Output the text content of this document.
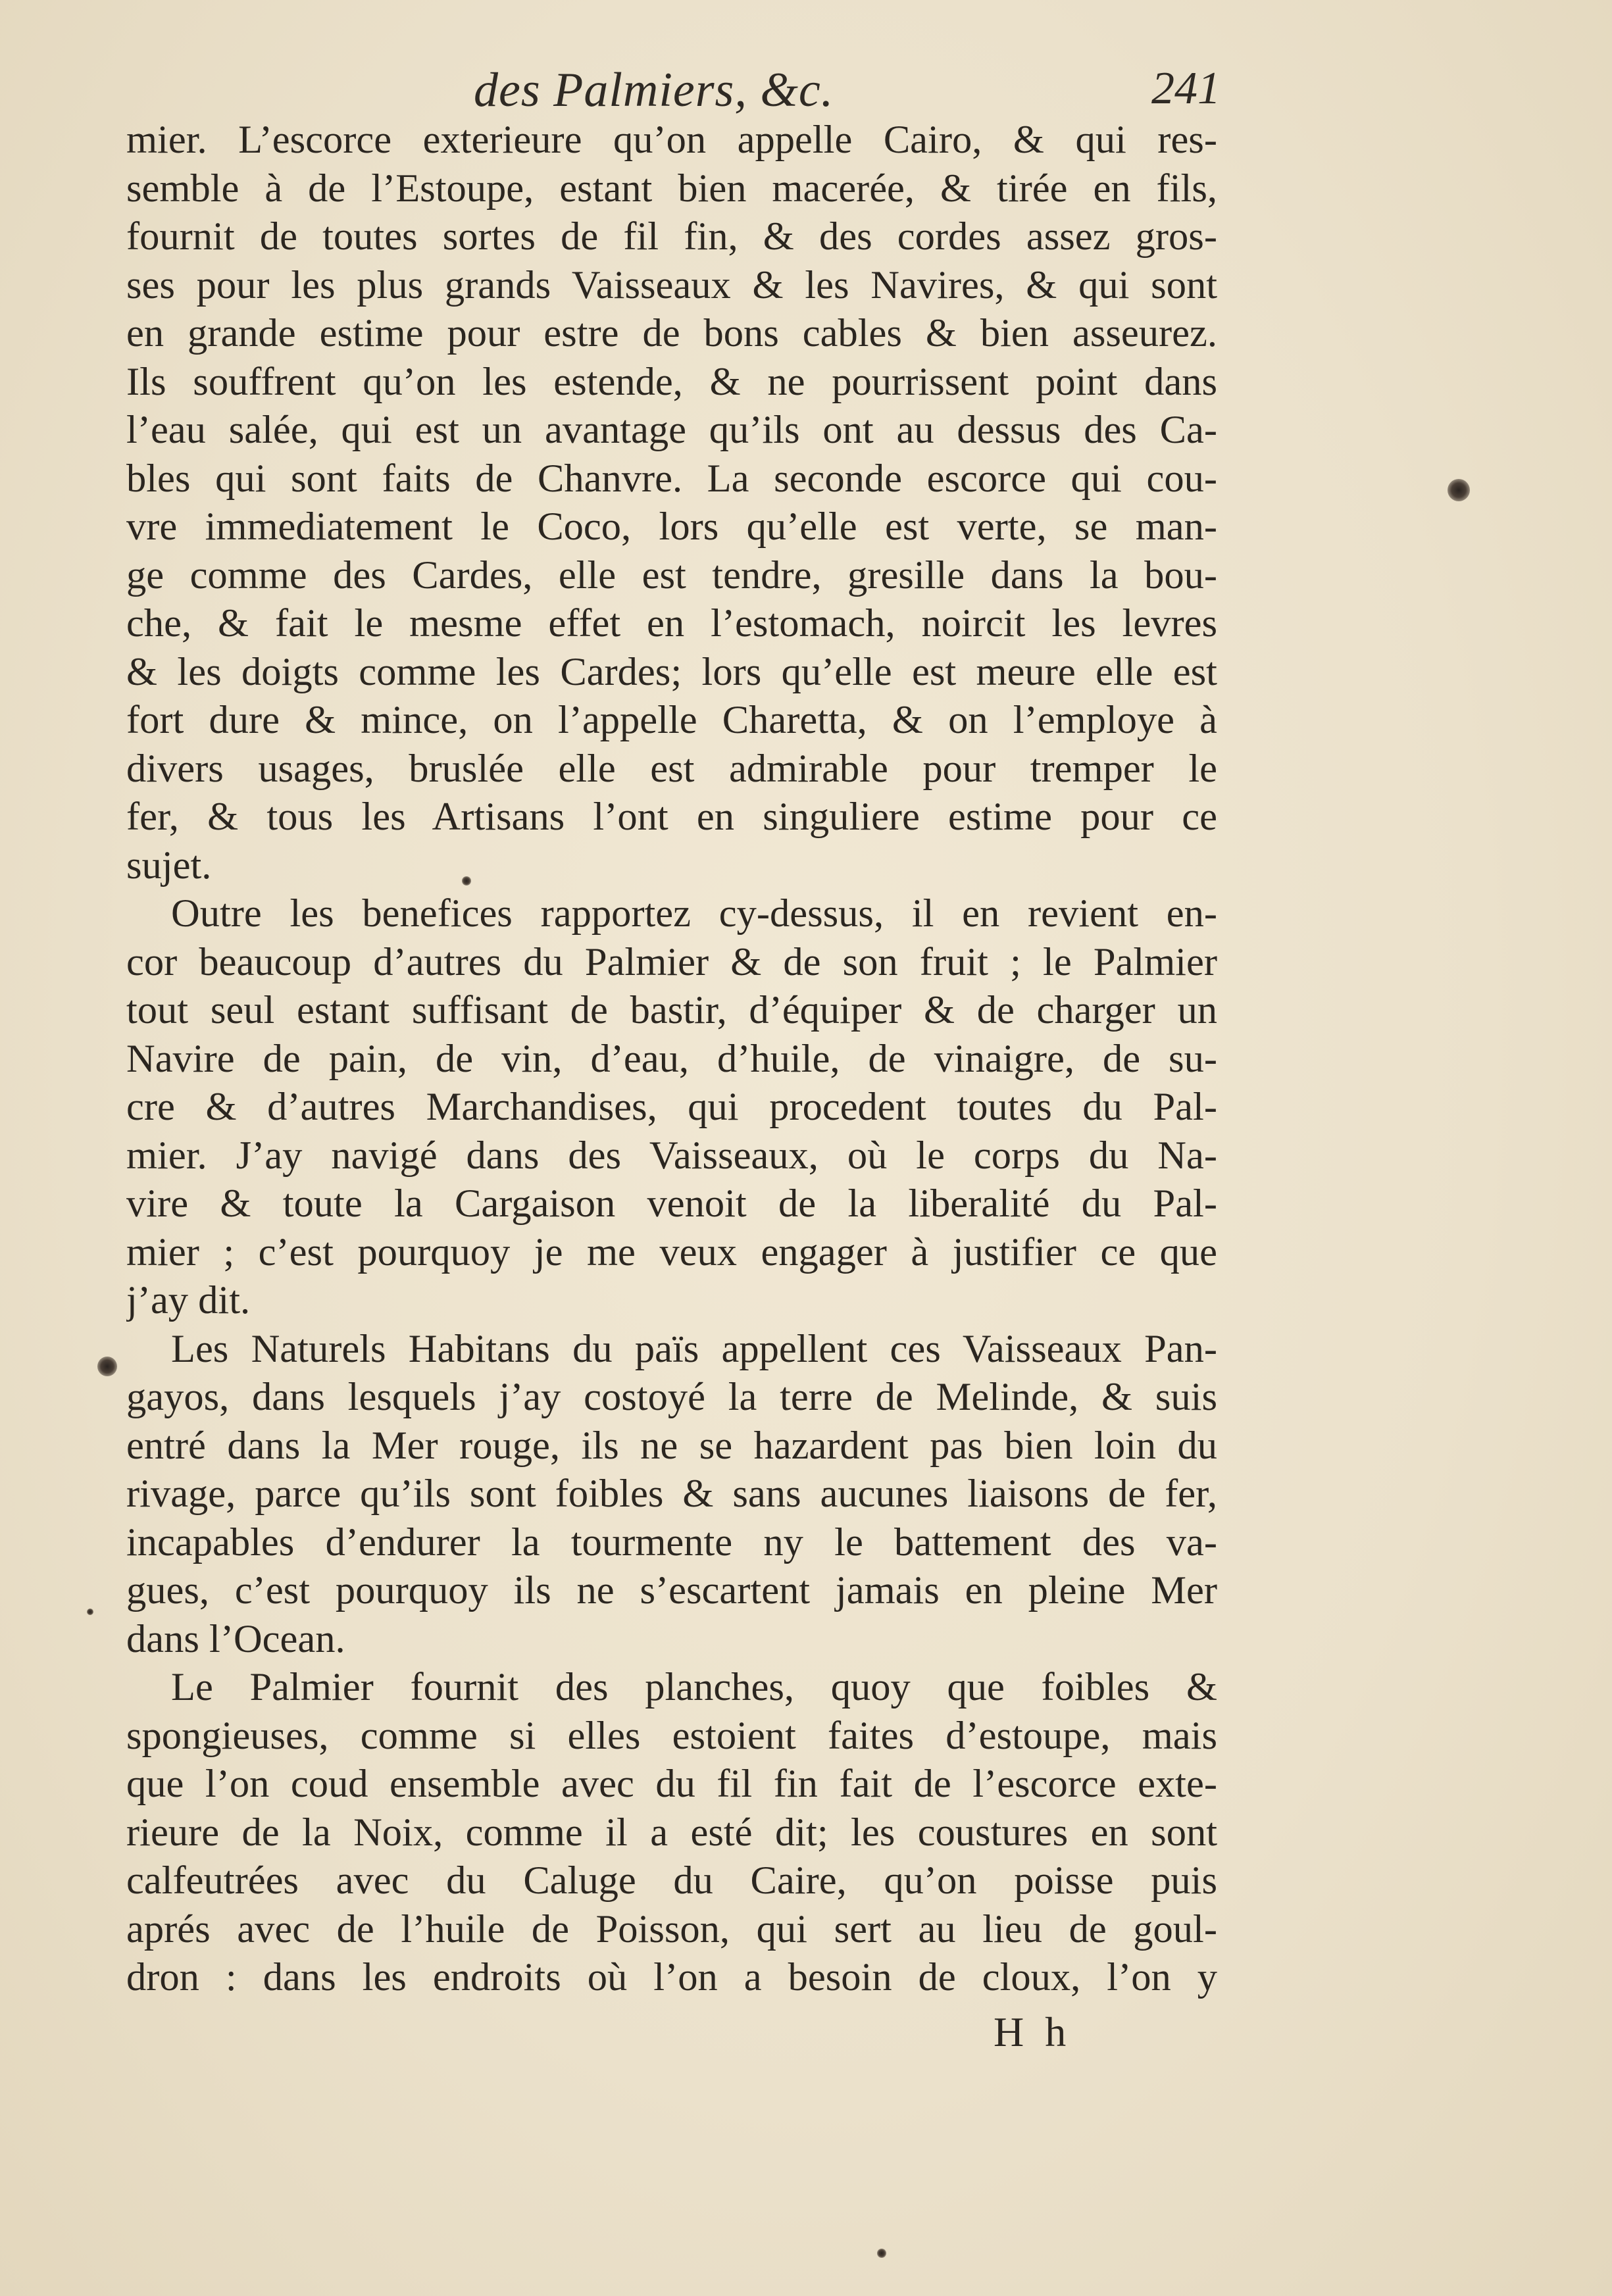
des Palmiers, &c.	241
mier. L’escorce exterieure qu’on appelle Cairo, & qui res-
semble à de l’Estoupe, estant bien macerée, & tirée en fils,
fournit de toutes sortes de fil fin, & des cordes assez gros-
ses pour les plus grands Vaisseaux & les Navires, & qui sont
en grande estime pour estre de bons cables & bien asseurez.
Ils souffrent qu’on les estende, & ne pourrissent point dans
l’eau salée, qui est un avantage qu’ils ont au dessus des Ca-
bles qui sont faits de Chanvre. La seconde escorce qui cou-
vre immediatement le Coco, lors qu’elle est verte, se man-
ge comme des Cardes, elle est tendre, gresille dans la bou-
che, & fait le mesme effet en l’estomach, noircit les levres
& les doigts comme les Cardes; lors qu’elle est meure elle est
fort dure & mince, on l’appelle Charetta, & on l’employe à
divers usages, bruslée elle est admirable pour tremper le
fer, & tous les Artisans l’ont en singuliere estime pour ce
sujet.
Outre les benefices rapportez cy-dessus, il en revient en-
cor beaucoup d’autres du Palmier & de son fruit ; le Palmier
tout seul estant suffisant de bastir, d’équiper & de charger un
Navire de pain, de vin, d’eau, d’huile, de vinaigre, de su-
cre & d’autres Marchandises, qui procedent toutes du Pal-
mier. J’ay navigé dans des Vaisseaux, où le corps du Na-
vire & toute la Cargaison venoit de la liberalité du Pal-
mier ; c’est pourquoy je me veux engager à justifier ce que
j’ay dit.
Les Naturels Habitans du païs appellent ces Vaisseaux Pan-
gayos, dans lesquels j’ay costoyé la terre de Melinde, & suis
entré dans la Mer rouge, ils ne se hazardent pas bien loin du
rivage, parce qu’ils sont foibles & sans aucunes liaisons de fer,
incapables d’endurer la tourmente ny le battement des va-
gues, c’est pourquoy ils ne s’escartent jamais en pleine Mer
dans l’Ocean.
Le Palmier fournit des planches, quoy que foibles &
spongieuses, comme si elles estoient faites d’estoupe, mais
que l’on coud ensemble avec du fil fin fait de l’escorce exte-
rieure de la Noix, comme il a esté dit; les coustures en sont
calfeutrées avec du Caluge du Caire, qu’on poisse puis
aprés avec de l’huile de Poisson, qui sert au lieu de goul-
dron : dans les endroits où l’on a besoin de cloux, l’on y
H h
